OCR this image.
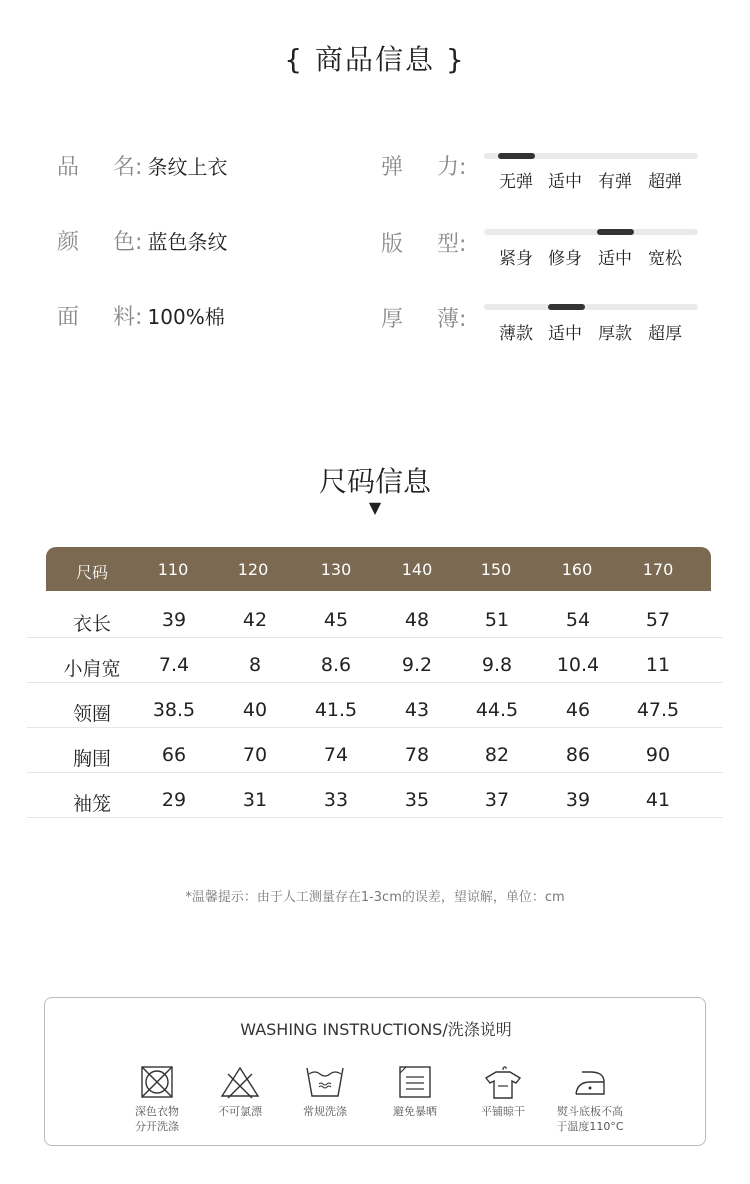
{ 商品信息 }
品 名: 条纹上衣
颜 色: 蓝色条纹
面 料: 100%棉
弹 力:
无弹 适中 有弹 超弹
版 型:
紧身 修身 适中 宽松
厚 薄:
薄款 适中 厚款 超厚
尺码信息
▼
尺码	110	120	130	140	150	160	170
衣长	39	42	45	48	51	54	57
小肩宽	7.4	8	8.6	9.2	9.8	10.4	11
领圈	38.5	40	41.5	43	44.5	46	47.5
胸围	66	70	74	78	82	86	90
袖笼	29	31	33	35	37	39	41
*温馨提示：由于人工测量存在1-3cm的误差，望谅解，单位：cm
WASHING INSTRUCTIONS/洗涤说明
深色衣物
分开洗涤
不可氯漂	常规洗涤	避免暴晒	平铺晾干	熨斗底板不高
于温度110°C
